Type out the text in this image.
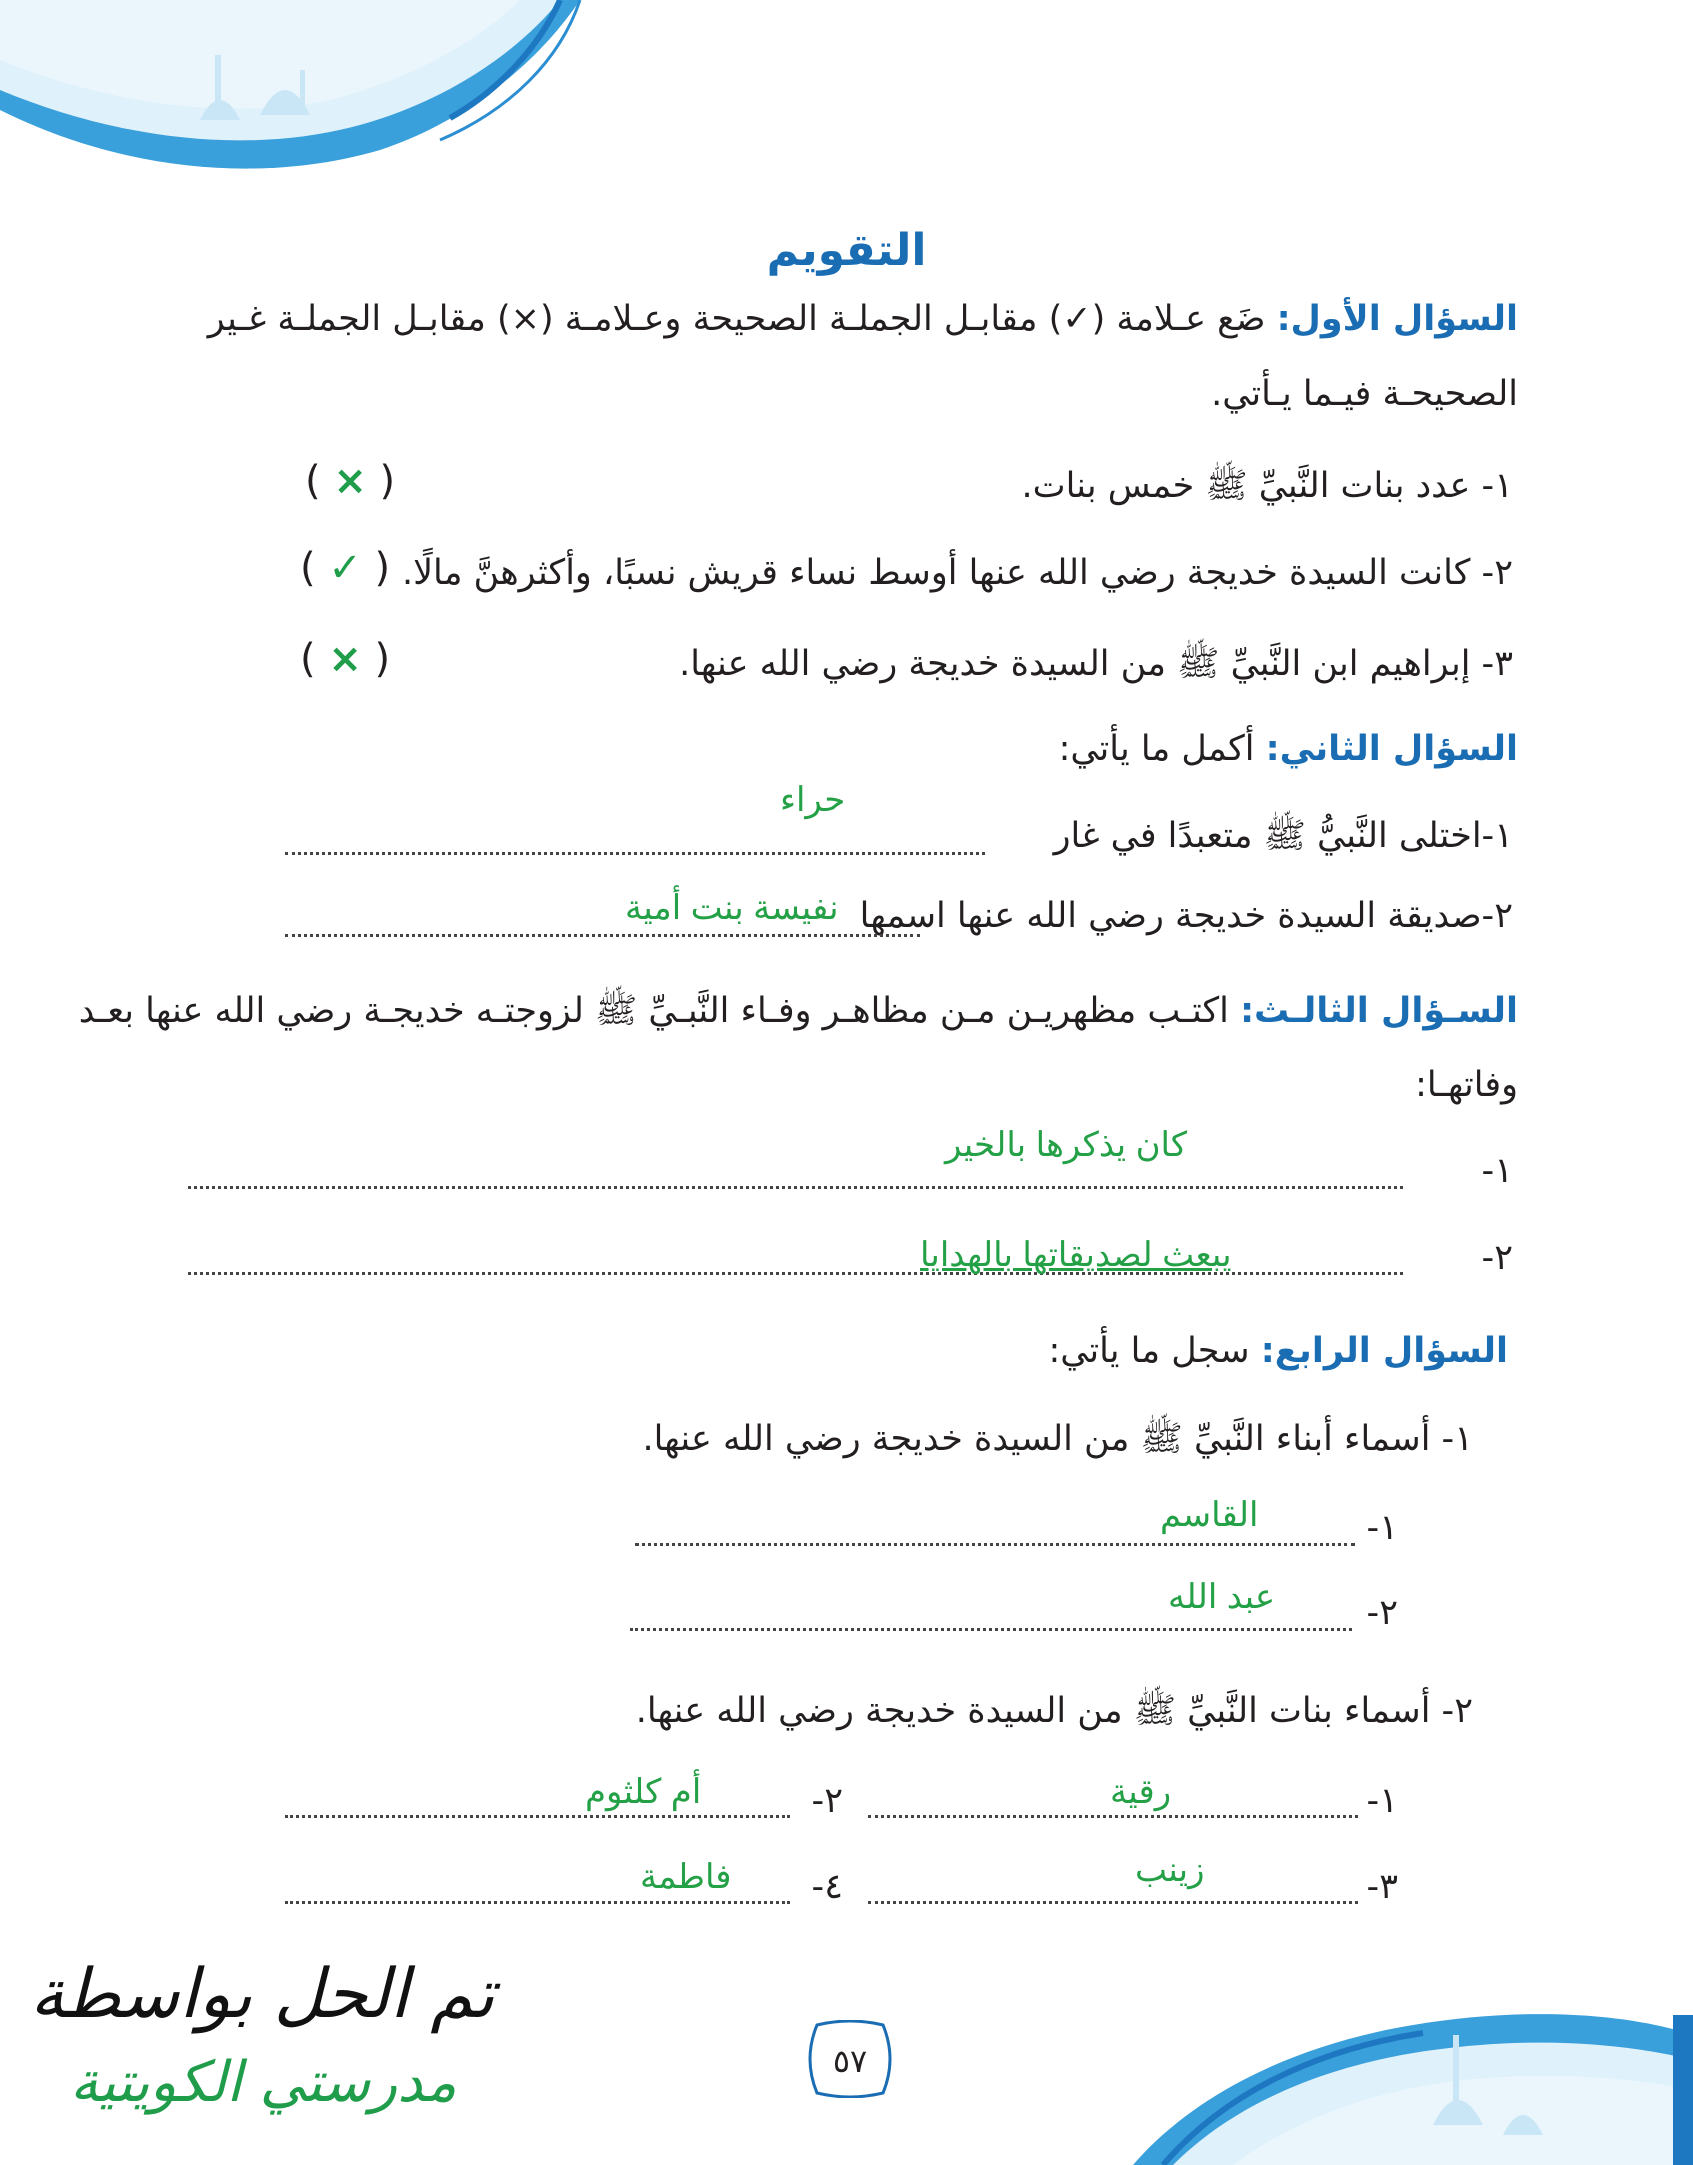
التقويم
السؤال الأول: ضَع عـلامة (✓) مقابـل الجملـة الصحيحة وعـلامـة (×) مقابـل الجملـة غـير
الصحيحـة فيـما يـأتي.
١- عدد بنات النَّبيِّ ﷺ خمس بنات.
( × )
٢- كانت السيدة خديجة رضي الله عنها أوسط نساء قريش نسبًا، وأكثرهنَّ مالًا.
( ✓ )
٣- إبراهيم ابن النَّبيِّ ﷺ من السيدة خديجة رضي الله عنها.
( × )
السؤال الثاني: أكمل ما يأتي:
١-اختلى النَّبيُّ ﷺ متعبدًا في غار
حراء
٢-صديقة السيدة خديجة رضي الله عنها اسمها
نفيسة بنت أمية
السـؤال الثالـث: اكتـب مظهريـن مـن مظاهـر وفـاء النَّبـيِّ ﷺ لزوجتـه خديجـة رضي الله عنها بعـد
وفاتهـا:
١-
كان يذكرها بالخير
٢-
يبعث لصديقاتها بالهدايا
السؤال الرابع: سجل ما يأتي:
١- أسماء أبناء النَّبيِّ ﷺ من السيدة خديجة رضي الله عنها.
١-
القاسم
٢-
عبد الله
٢- أسماء بنات النَّبيِّ ﷺ من السيدة خديجة رضي الله عنها.
١-
رقية
٢-
أم كلثوم
٣-
زينب
٤-
فاطمة
تم الحل بواسطة
مدرستي الكويتية	٥٧
